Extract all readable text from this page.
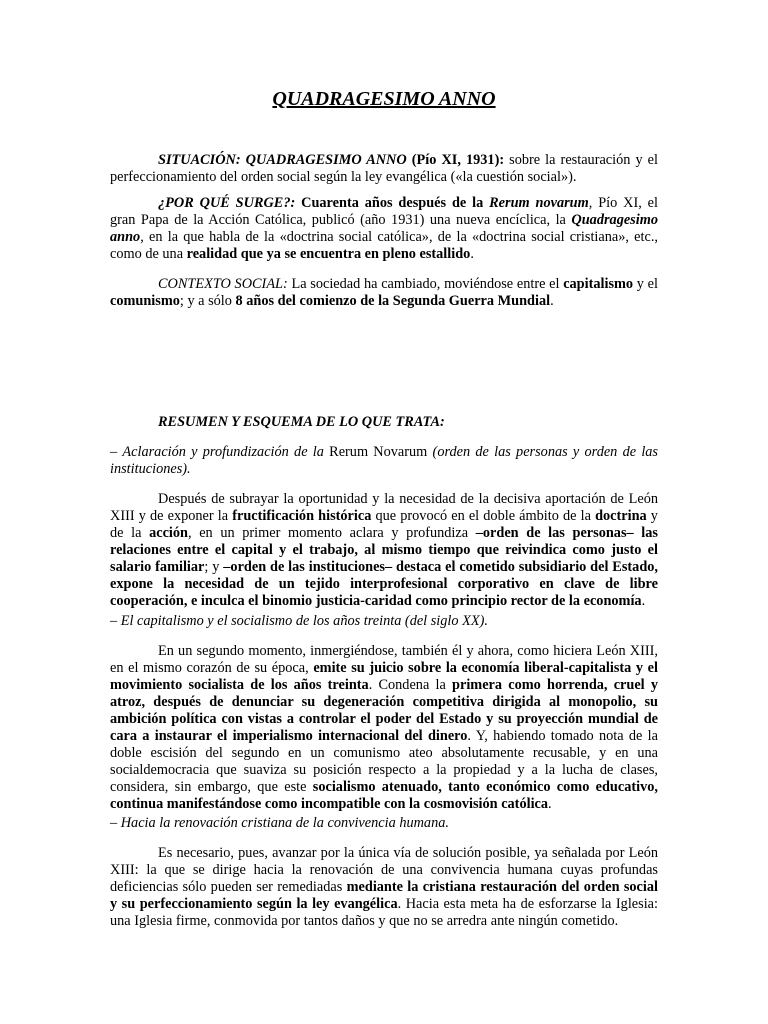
QUADRAGESIMO ANNO

SITUACIÓN: QUADRAGESIMO ANNO (Pío XI, 1931): sobre la restauración y el perfeccionamiento del orden social según la ley evangélica («la cuestión social»).

¿POR QUÉ SURGE?: Cuarenta años después de la Rerum novarum, Pío XI, el gran Papa de la Acción Católica, publicó (año 1931) una nueva encíclica, la Quadragesimo anno, en la que habla de la «doctrina social católica», de la «doctrina social cristiana», etc., como de una realidad que ya se encuentra en pleno estallido.

CONTEXTO SOCIAL: La sociedad ha cambiado, moviéndose entre el capitalismo y el comunismo; y a sólo 8 años del comienzo de la Segunda Guerra Mundial.

RESUMEN Y ESQUEMA DE LO QUE TRATA:

– Aclaración y profundización de la Rerum Novarum (orden de las personas y orden de las instituciones).

Después de subrayar la oportunidad y la necesidad de la decisiva aportación de León XIII y de exponer la fructificación histórica que provocó en el doble ámbito de la doctrina y de la acción, en un primer momento aclara y profundiza –orden de las personas– las relaciones entre el capital y el trabajo, al mismo tiempo que reivindica como justo el salario familiar; y –orden de las instituciones– destaca el cometido subsidiario del Estado, expone la necesidad de un tejido interprofesional corporativo en clave de libre cooperación, e inculca el binomio justicia-caridad como principio rector de la economía.

– El capitalismo y el socialismo de los años treinta (del siglo XX).

En un segundo momento, inmergiéndose, también él y ahora, como hiciera León XIII, en el mismo corazón de su época, emite su juicio sobre la economía liberal-capitalista y el movimiento socialista de los años treinta. Condena la primera como horrenda, cruel y atroz, después de denunciar su degeneración competitiva dirigida al monopolio, su ambición política con vistas a controlar el poder del Estado y su proyección mundial de cara a instaurar el imperialismo internacional del dinero. Y, habiendo tomado nota de la doble escisión del segundo en un comunismo ateo absolutamente recusable, y en una socialdemocracia que suaviza su posición respecto a la propiedad y a la lucha de clases, considera, sin embargo, que este socialismo atenuado, tanto económico como educativo, continua manifestándose como incompatible con la cosmovisión católica.

– Hacia la renovación cristiana de la convivencia humana.

Es necesario, pues, avanzar por la única vía de solución posible, ya señalada por León XIII: la que se dirige hacia la renovación de una convivencia humana cuyas profundas deficiencias sólo pueden ser remediadas mediante la cristiana restauración del orden social y su perfeccionamiento según la ley evangélica. Hacia esta meta ha de esforzarse la Iglesia: una Iglesia firme, conmovida por tantos daños y que no se arredra ante ningún cometido.
